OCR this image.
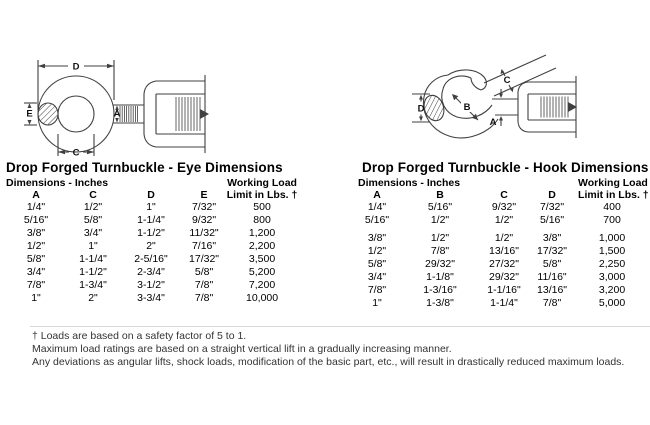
D
E	A
C
D	B
C
A
Drop Forged Turnbuckle - Eye Dimensions
Dimensions - Inches				Working Load
A	C	D	E	Limit in Lbs. †
1/4"	1/2"	1"	7/32"	500
5/16"	5/8"	1-1/4"	9/32"	800
3/8"	3/4"	1-1/2"	11/32"	1,200
1/2"	1"	2"	7/16"	2,200
5/8"	1-1/4"	2-5/16"	17/32"	3,500
3/4"	1-1/2"	2-3/4"	5/8"	5,200
7/8"	1-3/4"	3-1/2"	7/8"	7,200
1"	2"	3-3/4"	7/8"	10,000
Drop Forged Turnbuckle - Hook Dimensions
Dimensions - Inches				Working Load
A	B	C	D	Limit in Lbs. †
1/4"	5/16"	9/32"	7/32"	400
5/16"	1/2"	1/2"	5/16"	700
3/8"	1/2"	1/2"	3/8"	1,000
1/2"	7/8"	13/16"	17/32"	1,500
5/8"	29/32"	27/32"	5/8"	2,250
3/4"	1-1/8"	29/32"	11/16"	3,000
7/8"	1-3/16"	1-1/16"	13/16"	3,200
1"	1-3/8"	1-1/4"	7/8"	5,000
† Loads are based on a safety factor of 5 to 1.
Maximum load ratings are based on a straight vertical lift in a gradually increasing manner.
Any deviations as angular lifts, shock loads, modification of the basic part, etc., will result in drastically reduced maximum loads.
